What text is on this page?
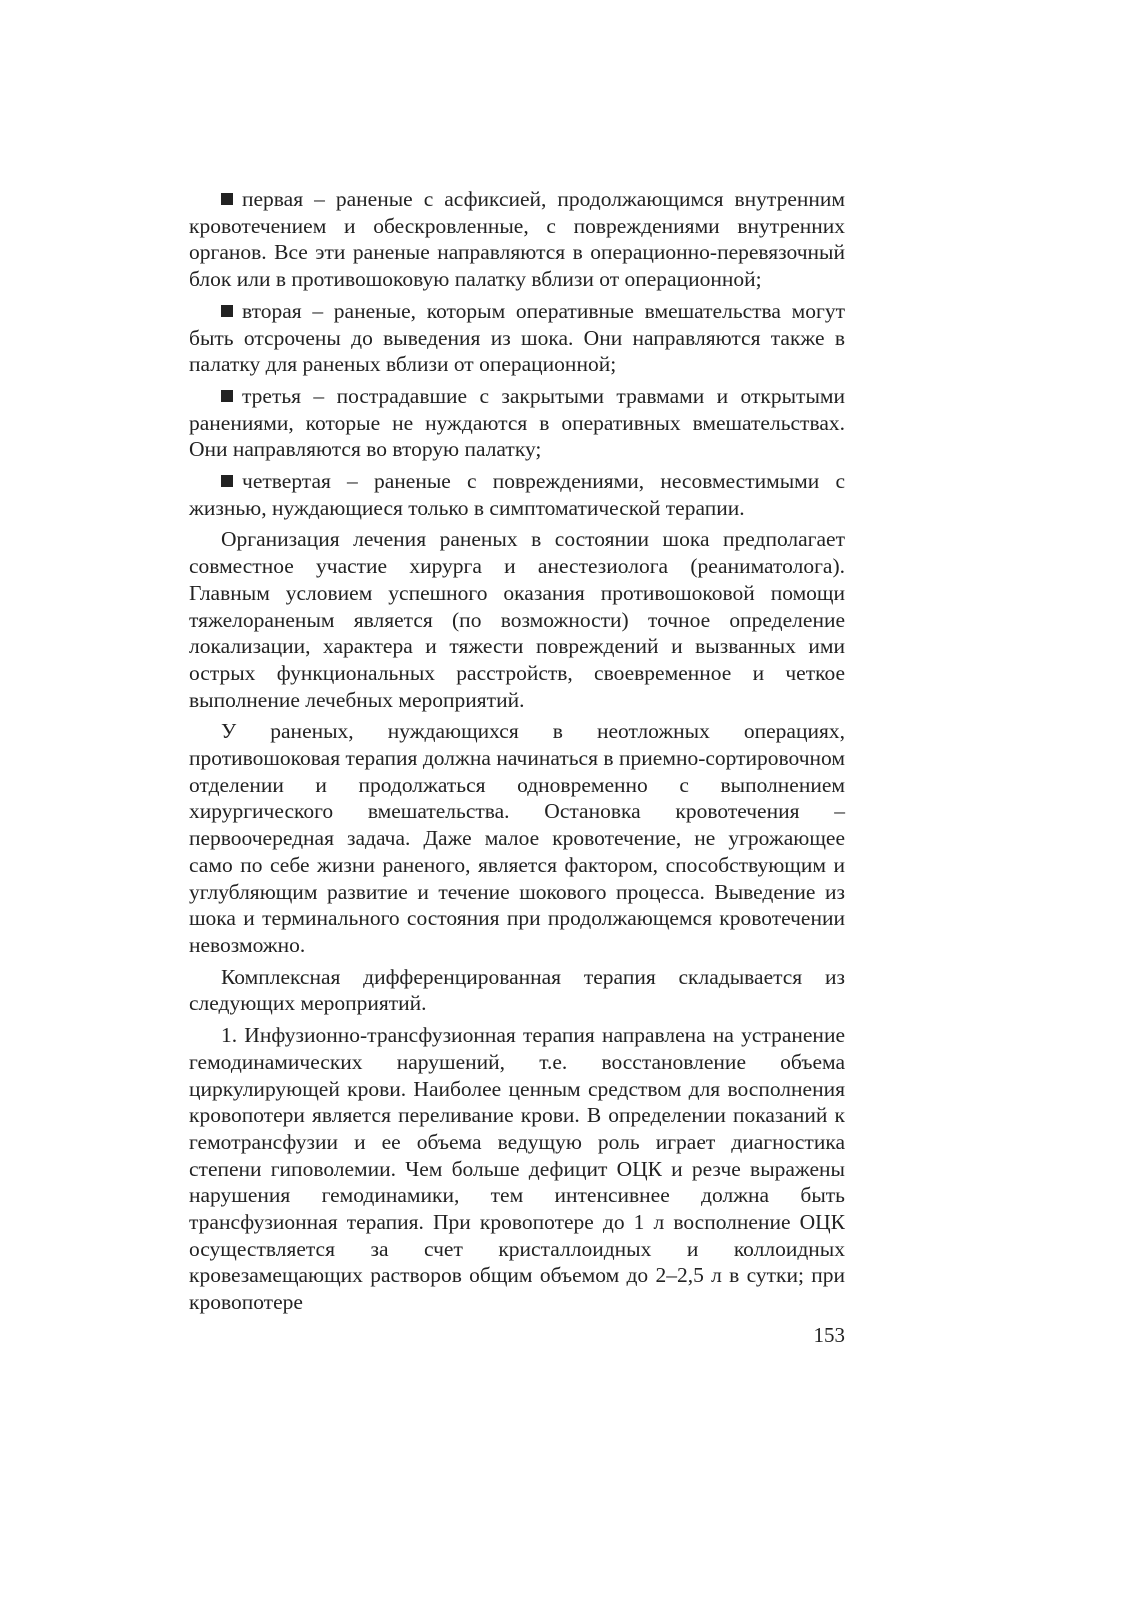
первая – раненые с асфиксией, продолжающимся внутренним кровотечением и обескровленные, с повреждениями внутренних органов. Все эти раненые направляются в операционно-перевязочный блок или в противошоковую палатку вблизи от операционной;

вторая – раненые, которым оперативные вмешательства могут быть отсрочены до выведения из шока. Они направляются также в палатку для раненых вблизи от операционной;

третья – пострадавшие с закрытыми травмами и открытыми ранениями, которые не нуждаются в оперативных вмешательствах. Они направляются во вторую палатку;

четвертая – раненые с повреждениями, несовместимыми с жизнью, нуждающиеся только в симптоматической терапии.

Организация лечения раненых в состоянии шока предполагает совместное участие хирурга и анестезиолога (реаниматолога). Главным условием успешного оказания противошоковой помощи тяжелораненым является (по возможности) точное определение локализации, характера и тяжести повреждений и вызванных ими острых функциональных расстройств, своевременное и четкое выполнение лечебных мероприятий.

У раненых, нуждающихся в неотложных операциях, противошоковая терапия должна начинаться в приемно-сортировочном отделении и продолжаться одновременно с выполнением хирургического вмешательства. Остановка кровотечения – первоочередная задача. Даже малое кровотечение, не угрожающее само по себе жизни раненого, является фактором, способствующим и углубляющим развитие и течение шокового процесса. Выведение из шока и терминального состояния при продолжающемся кровотечении невозможно.

Комплексная дифференцированная терапия складывается из следующих мероприятий.

1. Инфузионно-трансфузионная терапия направлена на устранение гемодинамических нарушений, т.е. восстановление объема циркулирующей крови. Наиболее ценным средством для восполнения кровопотери является переливание крови. В определении показаний к гемотрансфузии и ее объема ведущую роль играет диагностика степени гиповолемии. Чем больше дефицит ОЦК и резче выражены нарушения гемодинамики, тем интенсивнее должна быть трансфузионная терапия. При кровопотере до 1 л восполнение ОЦК осуществляется за счет кристаллоидных и коллоидных кровезамещающих растворов общим объемом до 2–2,5 л в сутки; при кровопотере

153
